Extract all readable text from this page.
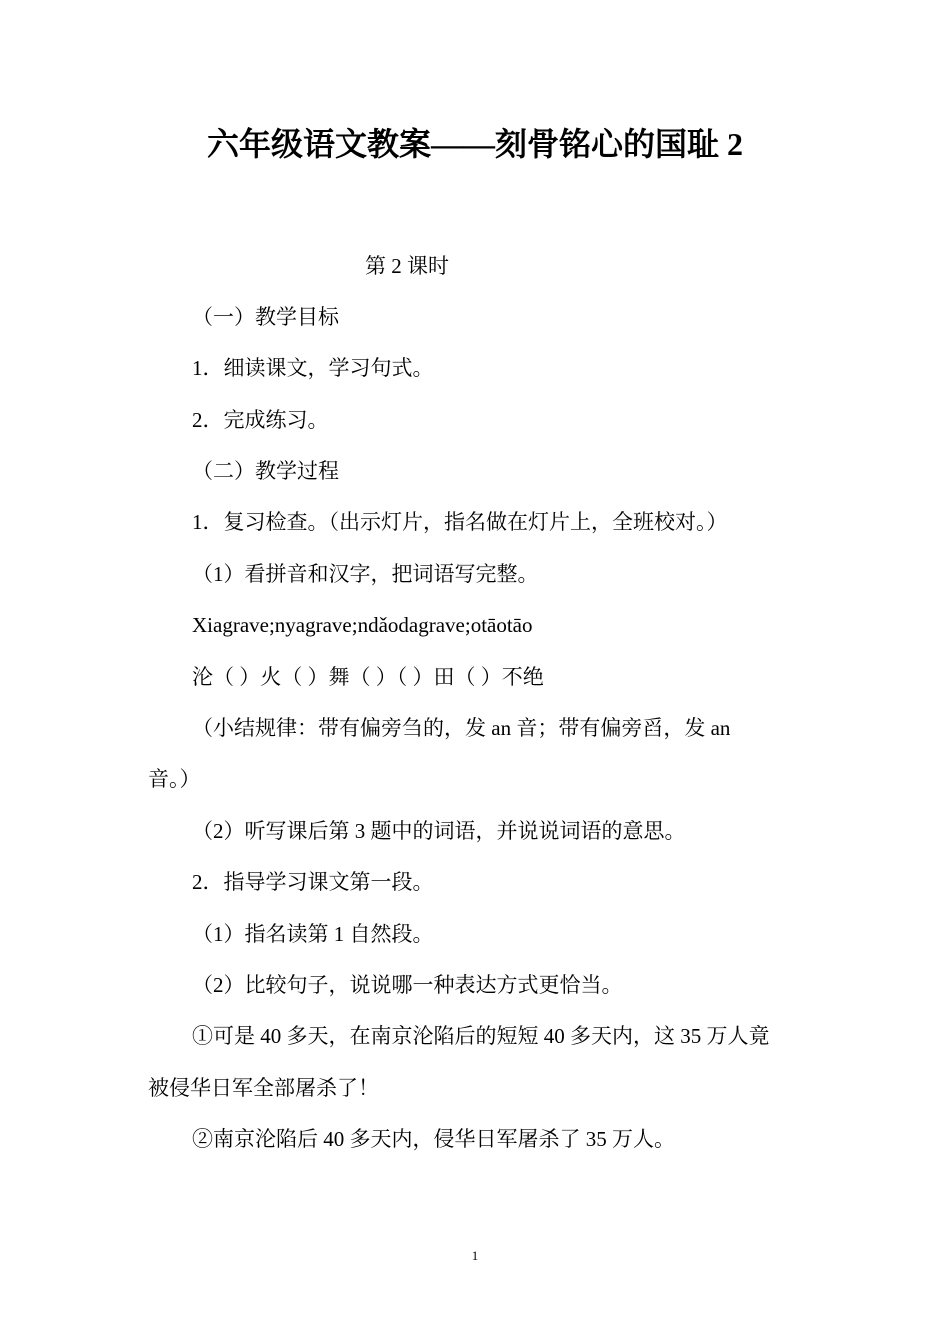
六年级语文教案——刻骨铭心的国耻 2
第 2 课时
（一）教学目标
1．细读课文，学习句式。
2．完成练习。
（二）教学过程
1．复习检查。（出示灯片，指名做在灯片上，全班校对。）
（1）看拼音和汉字，把词语写完整。
Xiagrave;nyagrave;ndǎodagrave;otāotāo
沦（ ）火（ ）舞（ ）（ ）田（ ）不绝
（小结规律：带有偏旁刍的，发 an 音；带有偏旁舀，发 an
音。）
（2）听写课后第 3 题中的词语，并说说词语的意思。
2．指导学习课文第一段。
（1）指名读第 1 自然段。
（2）比较句子，说说哪一种表达方式更恰当。
①可是 40 多天，在南京沦陷后的短短 40 多天内，这 35 万人竟
被侵华日军全部屠杀了！
②南京沦陷后 40 多天内，侵华日军屠杀了 35 万人。
1
